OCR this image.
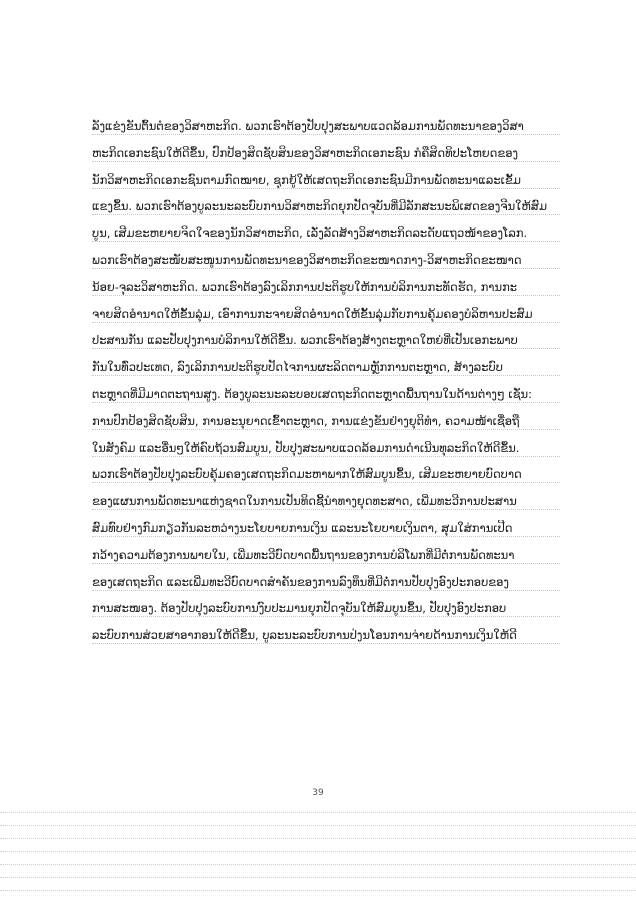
ລັງແຂ່ງຂັນຕົ້ນຕໍຂອງວິສາຫະກິດ. ພວກເຮົາຕ້ອງປັບປຸງສະພາບແວດລ້ອມການພັດທະນາຂອງວິສາ
ຫະກິດເອກະຊົນໃຫ້ດີຂຶ້ນ, ປົກປ້ອງສິດຊັບສິນຂອງວິສາຫະກິດເອກະຊົນ ກໍຄືສິດທິປະໂຫຍດຂອງ
ນັກວິສາຫະກິດເອກະຊົນຕາມກົດໝາຍ, ຊຸກຍູ້ໃຫ້ເສດຖະກິດເອກະຊົນມີການພັດທະນາແລະເຂັ້ມ
ແຂງຂຶ້ນ. ພວກເຮົາຕ້ອງບູລະນະລະບົບການວິສາຫະກິດຍຸກປັດຈຸບັນທີ່ມີລັກສະນະພິເສດຂອງຈີນໃຫ້ສົມ
ບູນ, ເສີມຂະຫຍາຍຈິດໃຈຂອງນັກວິສາຫະກິດ, ເລັ່ງລັດສ້າງວິສາຫະກິດລະດັບແຖວໜ້າຂອງໂລກ.
ພວກເຮົາຕ້ອງສະໜັບສະໜູນການພັດທະນາຂອງວິສາຫະກິດຂະໜາດກາງ-ວິສາຫະກິດຂະໜາດ
ນ້ອຍ-ຈຸລະວິສາຫະກິດ. ພວກເຮົາຕ້ອງລົງເລິກການປະຕິຮູບໃຫ້ການບໍລິການກະທັດຮັດ, ການກະ
ຈາຍສິດອຳນາດໃຫ້ຂັ້ນລຸ່ມ, ເອົາການກະຈາຍສິດອຳນາດໃຫ້ຂັ້ນລຸ່ມກັບການຄຸ້ມຄອງບໍລິຫານປະສົມ
ປະສານກັນ ແລະປັບປຸງການບໍລິການໃຫ້ດີຂຶ້ນ. ພວກເຮົາຕ້ອງສ້າງຕະຫຼາດໃຫຍ່ທີ່ເປັນເອກະພາບ
ກັນໃນທົ່ວປະເທດ, ລົງເລິກການປະຕິຮູບປັດໄຈການຜະລິດຕາມຫຼັກການຕະຫຼາດ, ສ້າງລະບົບ
ຕະຫຼາດທີ່ມີມາດຕະຖານສູງ. ຕ້ອງບູລະນະລະບອບເສດຖະກິດຕະຫຼາດພື້ນຖານໃນດ້ານຕ່າງໆ ເຊັ່ນ:
ການປົກປ້ອງສິດຊັບສິນ, ການອະນຸຍາດເຂົ້າຕະຫຼາດ, ການແຂ່ງຂັນຢ່າງຍຸຕິທຳ, ຄວາມໜ້າເຊື່ອຖື
ໃນສັງຄົມ ແລະອື່ນໆໃຫ້ຄົບຖ້ວນສົມບູນ, ປັບປຸງສະພາບແວດລ້ອມການດຳເນີນທຸລະກິດໃຫ້ດີຂຶ້ນ.
ພວກເຮົາຕ້ອງປັບປຸງລະບົບຄຸ້ມຄອງເສດຖະກິດມະຫາພາກໃຫ້ສົມບູນຂຶ້ນ, ເສີມຂະຫຍາຍບົດບາດ
ຂອງແຜນການພັດທະນາແຫ່ງຊາດໃນການເປັນທິດຊີ້ນຳທາງຍຸດທະສາດ, ເພີ່ມທະວີການປະສານ
ສົມທົບຢ່າງກົມກຽວກັນລະຫວ່າງນະໂຍບາຍການເງິນ ແລະນະໂຍບາຍເງິນຕາ, ສຸມໃສ່ການເປີດ
ກວ້າງຄວາມຕ້ອງການພາຍໃນ, ເພີ່ມທະວີບົດບາດພື້ນຖານຂອງການບໍລິໂພກທີ່ມີຕໍ່ການພັດທະນາ
ຂອງເສດຖະກິດ ແລະເພີ່ມທະວີບົດບາດສຳຄັນຂອງການລົງທຶນທີ່ມີຕໍ່ການປັບປຸງອົງປະກອບຂອງ
ການສະໜອງ. ຕ້ອງປັບປຸງລະບົບການງົບປະມານຍຸກປັດຈຸບັນໃຫ້ສົມບູນຂຶ້ນ, ປັບປຸງອົງປະກອບ
ລະບົບການສ່ວຍສາອາກອນໃຫ້ດີຂຶ້ນ, ບູລະນະລະບົບການປ່ງນໂອນການຈ່າຍດ້ານການເງິນໃຫ້ດີ
39
